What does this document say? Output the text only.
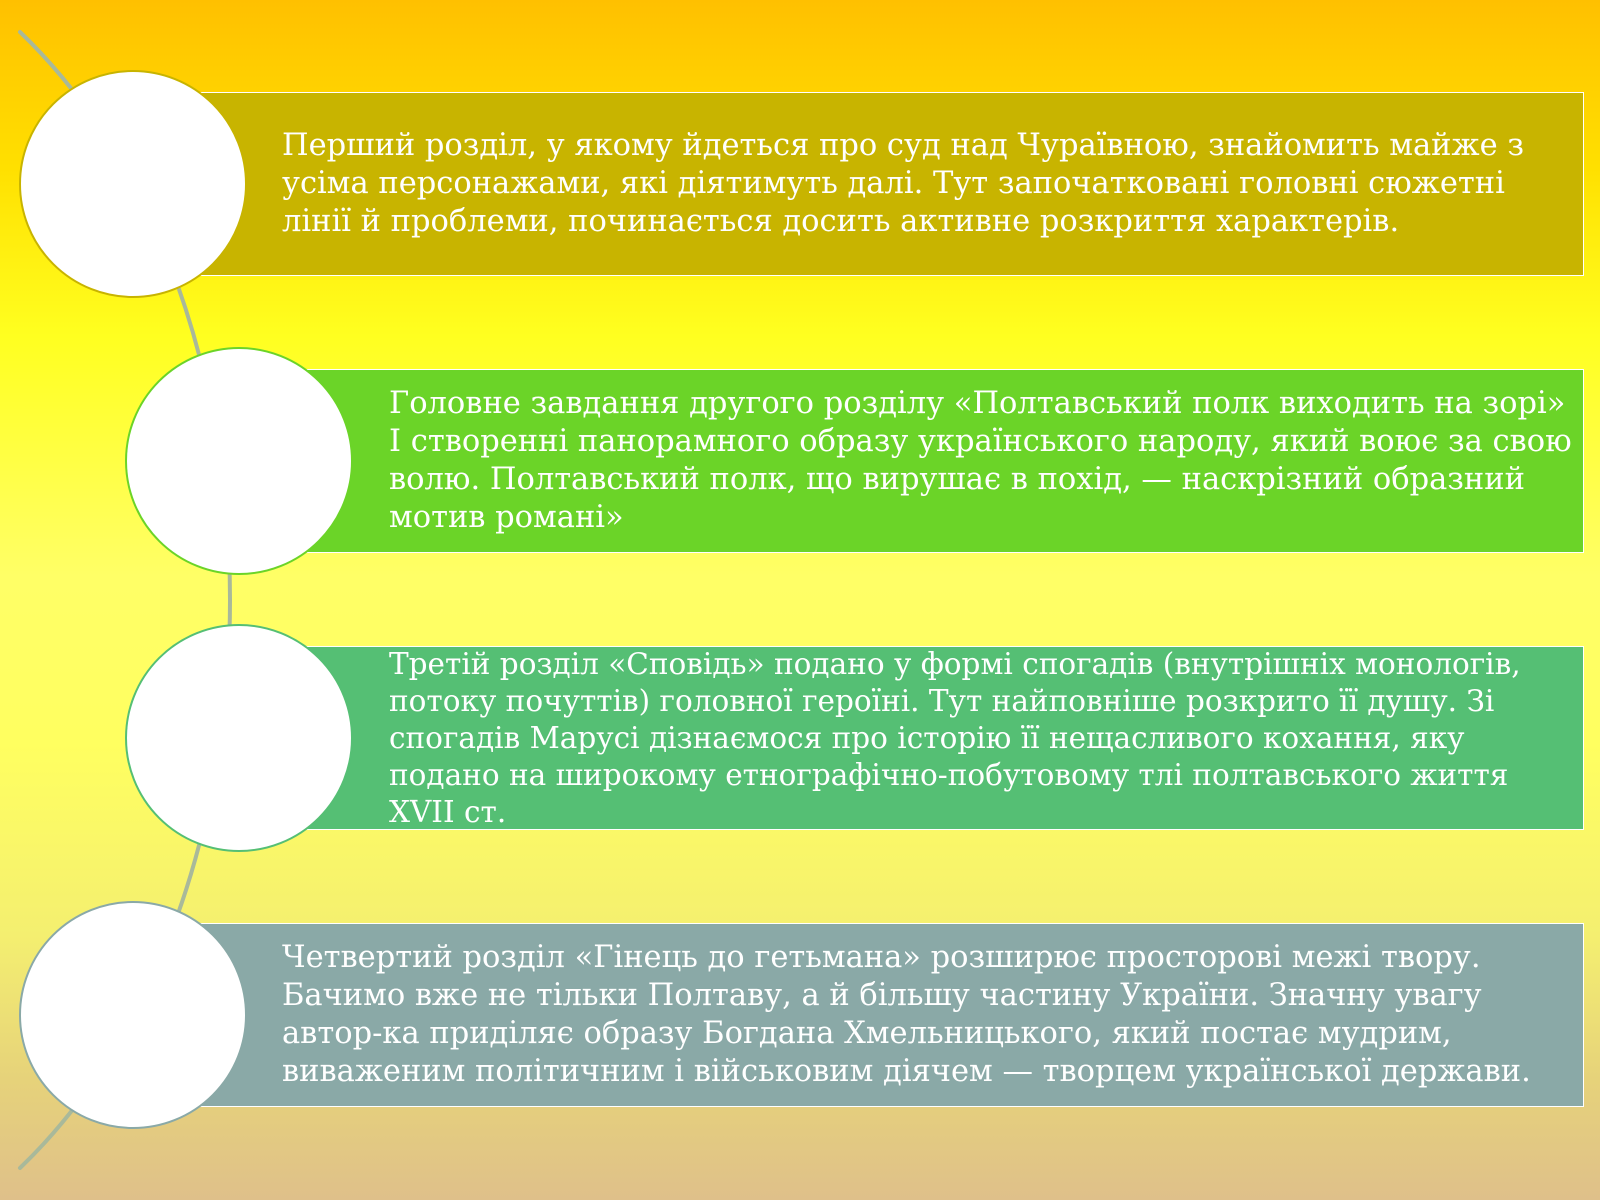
Перший розділ, у якому йдеться про суд над Чураївною, знайомить майже з усіма персонажами, які діятимуть далі. Тут започатковані головні сюжетні лінії й проблеми, починається досить активне розкриття характерів.
Головне завдання другого розділу «Полтавський полк виходить на зорі» І створенні панорамного образу українського народу, який воює за свою волю. Полтавський полк, що вирушає в похід, — наскрізний образний мотив романі»
Третій розділ «Сповідь» подано у формі спогадів (внутрішніх монологів, потоку почуттів) головної героїні. Тут найповніше розкрито її душу. Зі спогадів Марусі дізнаємося про історію її нещасливого кохання, яку подано на широкому етнографічно-побутовому тлі полтавського життя XVII ст.
Четвертий розділ «Гінець до гетьмана» розширює просторові межі твору. Бачимо вже не тільки Полтаву, а й більшу частину України. Значну увагу автор-ка приділяє образу Богдана Хмельницького, який постає мудрим, виваженим політичним і військовим діячем — творцем української держави.
